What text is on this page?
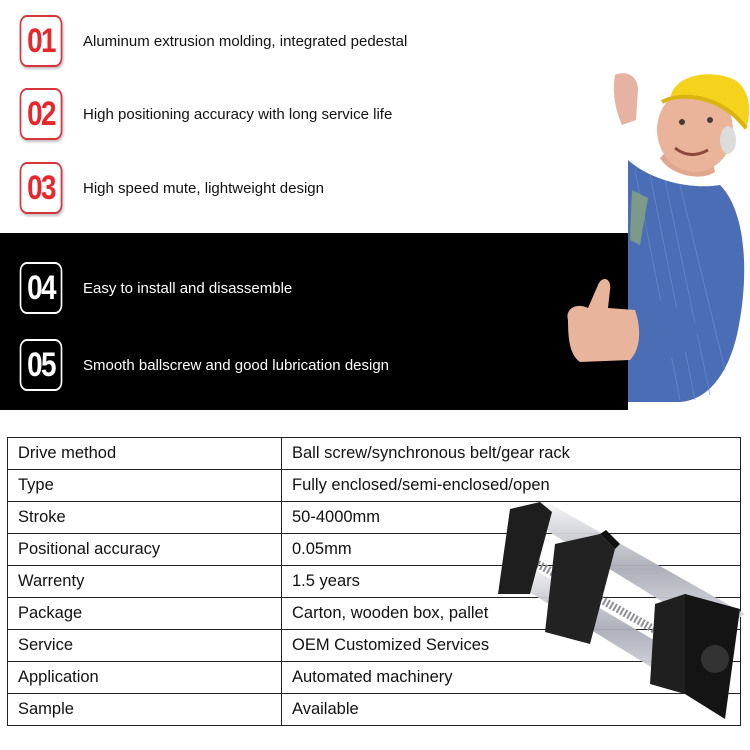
01	Aluminum extrusion molding, integrated pedestal
02	High positioning accuracy with long service life
03	High speed mute, lightweight design
04	Easy to install and disassemble
05	Smooth ballscrew and good lubrication design
Drive method	Ball screw/synchronous belt/gear rack
Type	Fully enclosed/semi-enclosed/open
Stroke	50-4000mm
Positional accuracy	0.05mm
Warrenty	1.5 years
Package	Carton, wooden box, pallet
Service	OEM Customized Services
Application	Automated machinery
Sample	Available
